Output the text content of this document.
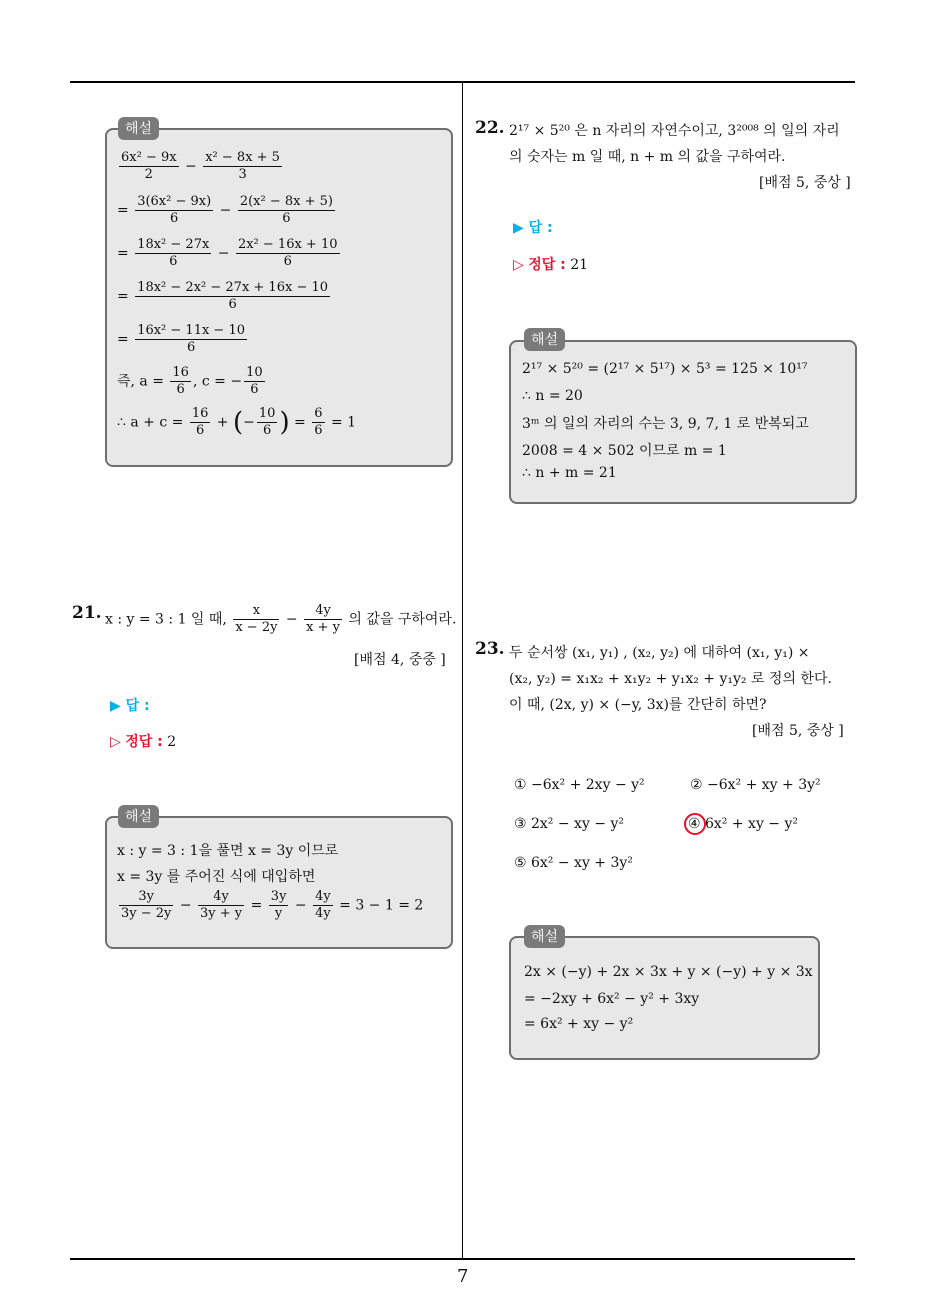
7
해설
$\frac{\text{6x² − 9x}}{2} - \frac{\text{x² − 8x + 5}}{3}$
= $\frac{\text{3(6x² − 9x)}}{6} - \frac{\text{2(x² − 8x + 5)}}{6}$
= $\frac{\text{18x² − 27x}}{6} - \frac{\text{2x² − 16x + 10}}{6}$
= $\frac{\text{18x² − 2x² − 27x + 16x − 10}}{6}$
= $\frac{\text{16x² − 11x − 10}}{6}$
즉, $a = \frac{16}{6}$ , c = − $\frac{10}{6}$
∴ $a + c = \frac{16}{6}$ + (− $\frac{10}{6}$ ) = $\frac{6}{6} = 1$
21. x : y = 3 : 1 일 때, $\frac{x}{x - 2y} - \frac{4y}{x + y}$ 의 값을 구하여라.
[배점 4, 중중 ]
▶ 답 :
▷ 정답 : 2
해설
x : y = 3 : 1을 풀면 x = 3y 이므로
x = 3y 를 주어진 식에 대입하면
$\frac{3y}{3y - 2y} - \frac{4y}{3y + y} = \frac{3y}{y} - \frac{4y}{4y} = 3 - 1 = 2$
22. 2¹⁷ × 5²⁰ 은 n 자리의 자연수이고, 3²⁰⁰⁸ 의 일의 자리
의 숫자는 m 일 때, n + m 의 값을 구하여라.
[배점 5, 중상 ]
▶ 답 :
▷ 정답 : 21
해설
2¹⁷ × 5²⁰ = (2¹⁷ × 5¹⁷) × 5³ = 125 × 10¹⁷
∴ n = 20
3ᵐ 의 일의 자리의 수는 3, 9, 7, 1 로 반복되고
2008 = 4 × 502 이므로 m = 1
∴ n + m = 21
23. 두 순서쌍 (x₁, y₁) , (x₂, y₂) 에 대하여 (x₁, y₁) ×
(x₂, y₂) = x₁x₂ + x₁y₂ + y₁x₂ + y₁y₂ 로 정의 한다.
이 때, (2x, y) × (−y, 3x)를 간단히 하면?
[배점 5, 중상 ]
① −6x² + 2xy − y²	② −6x² + xy + 3y²
③ 2x² − xy − y²	④ 6x² + xy − y²
⑤ 6x² − xy + 3y²
해설
2x × (−y) + 2x × 3x + y × (−y) + y × 3x
= −2xy + 6x² − y² + 3xy
= 6x² + xy − y²
